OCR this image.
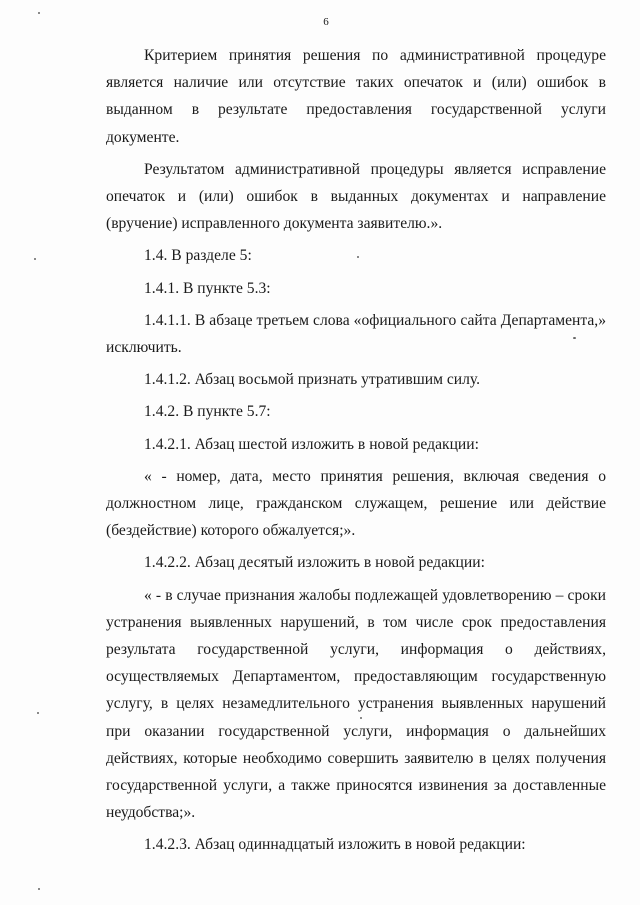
6

Критерием принятия решения по административной процедуре является наличие или отсутствие таких опечаток и (или) ошибок в выданном в результате предоставления государственной услуги документе.

Результатом административной процедуры является исправление опечаток и (или) ошибок в выданных документах и направление (вручение) исправленного документа заявителю.».

1.4. В разделе 5:

1.4.1. В пункте 5.3:

1.4.1.1. В абзаце третьем слова «официального сайта Департамента,» исключить.

1.4.1.2. Абзац восьмой признать утратившим силу.

1.4.2. В пункте 5.7:

1.4.2.1. Абзац шестой изложить в новой редакции:

« - номер, дата, место принятия решения, включая сведения о должностном лице, гражданском служащем, решение или действие (бездействие) которого обжалуется;».

1.4.2.2. Абзац десятый изложить в новой редакции:

« - в случае признания жалобы подлежащей удовлетворению – сроки устранения выявленных нарушений, в том числе срок предоставления результата государственной услуги, информация о действиях, осуществляемых Департаментом, предоставляющим государственную услугу, в целях незамедлительного устранения выявленных нарушений при оказании государственной услуги, информация о дальнейших действиях, которые необходимо совершить заявителю в целях получения государственной услуги, а также приносятся извинения за доставленные неудобства;».

1.4.2.3. Абзац одиннадцатый изложить в новой редакции:
